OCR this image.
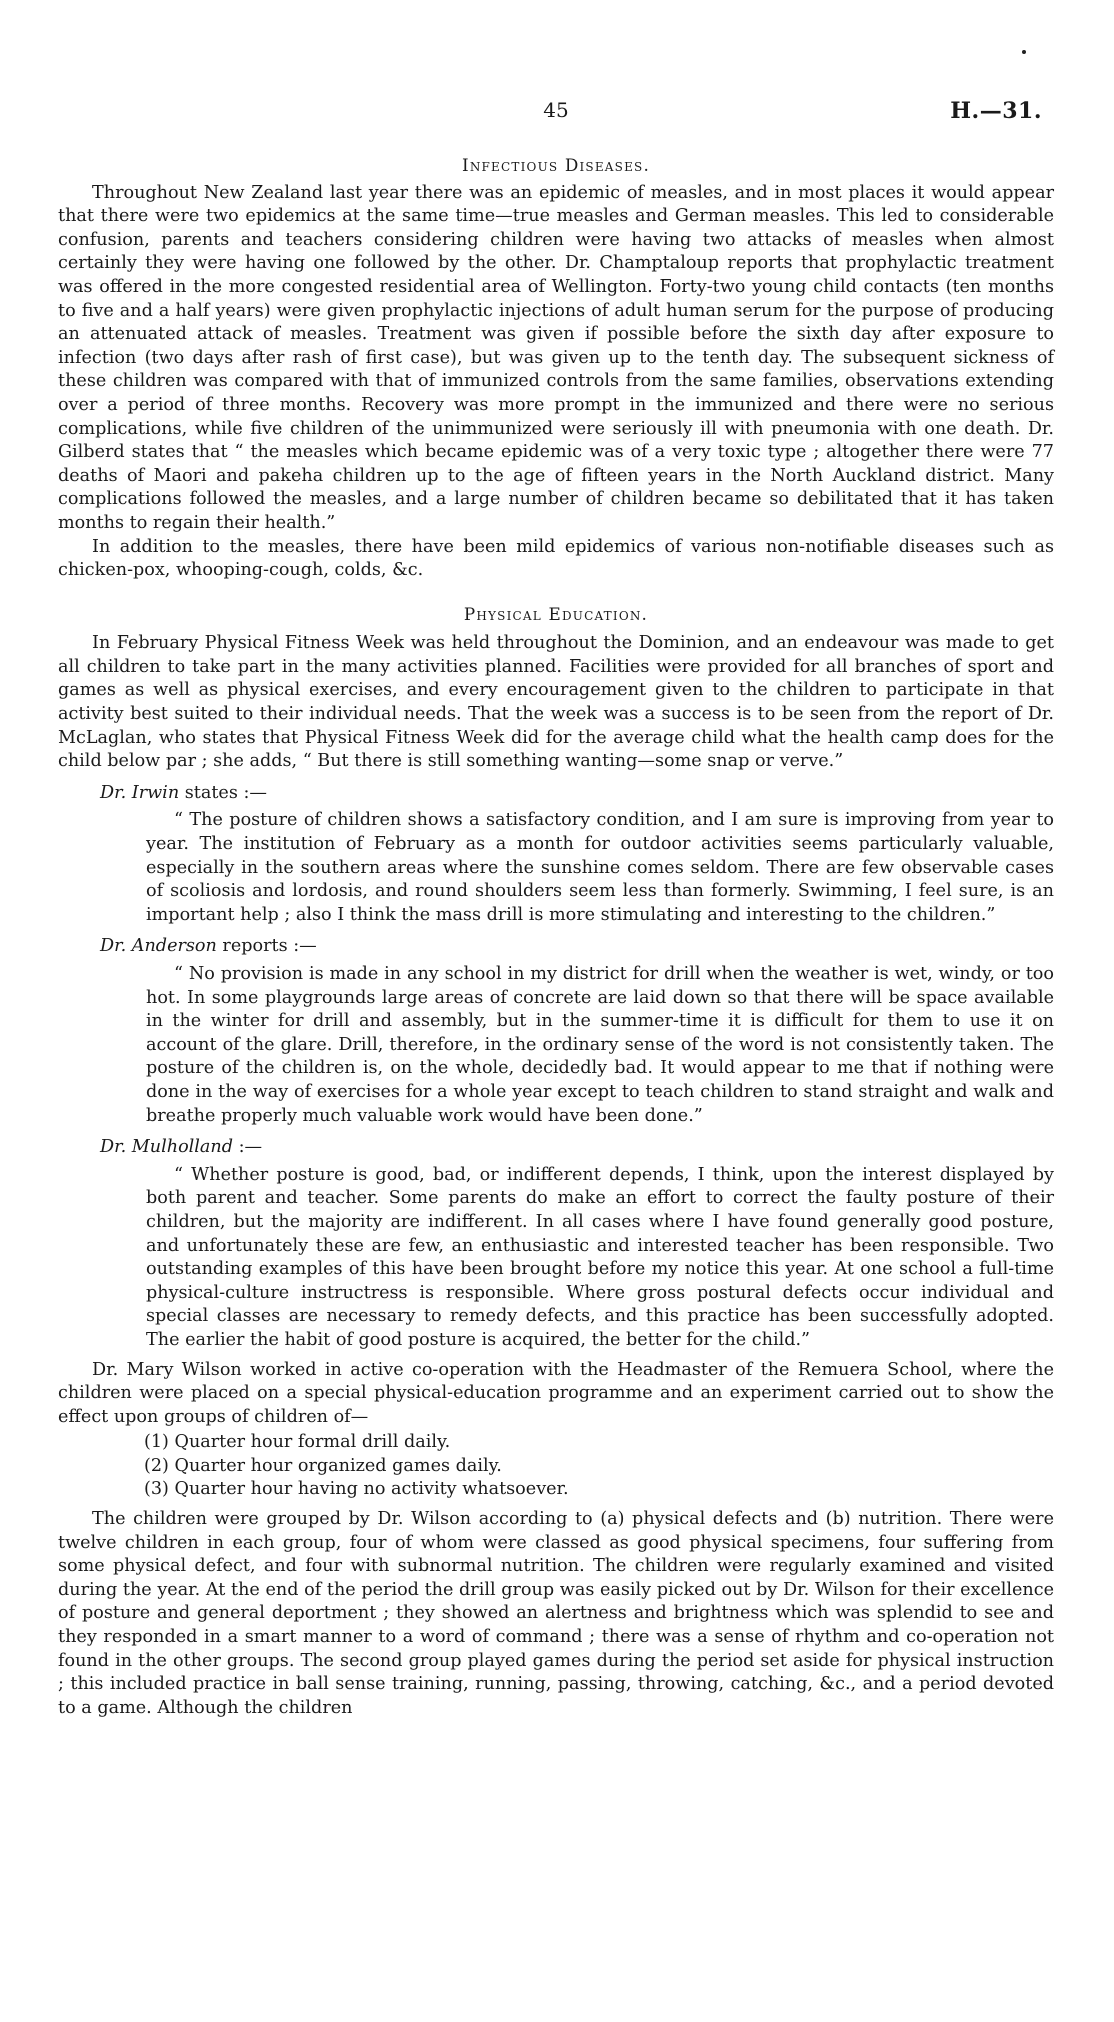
45	H.—31.
Infectious Diseases.

Throughout New Zealand last year there was an epidemic of measles, and in most places it would appear that there were two epidemics at the same time—true measles and German measles. This led to considerable confusion, parents and teachers considering children were having two attacks of measles when almost certainly they were having one followed by the other. Dr. Champtaloup reports that prophylactic treatment was offered in the more congested residential area of Wellington. Forty-two young child contacts (ten months to five and a half years) were given prophylactic injections of adult human serum for the purpose of producing an attenuated attack of measles. Treatment was given if possible before the sixth day after exposure to infection (two days after rash of first case), but was given up to the tenth day. The subsequent sickness of these children was compared with that of immunized controls from the same families, observations extending over a period of three months. Recovery was more prompt in the immunized and there were no serious complications, while five children of the unimmunized were seriously ill with pneumonia with one death. Dr. Gilberd states that “ the measles which became epidemic was of a very toxic type ; altogether there were 77 deaths of Maori and pakeha children up to the age of fifteen years in the North Auckland district. Many complications followed the measles, and a large number of children became so debilitated that it has taken months to regain their health.”

In addition to the measles, there have been mild epidemics of various non-notifiable diseases such as chicken-pox, whooping-cough, colds, &c.

Physical Education.

In February Physical Fitness Week was held throughout the Dominion, and an endeavour was made to get all children to take part in the many activities planned. Facilities were provided for all branches of sport and games as well as physical exercises, and every encouragement given to the children to participate in that activity best suited to their individual needs. That the week was a success is to be seen from the report of Dr. McLaglan, who states that Physical Fitness Week did for the average child what the health camp does for the child below par ; she adds, “ But there is still something wanting—some snap or verve.”

Dr. Irwin states :—

“ The posture of children shows a satisfactory condition, and I am sure is improving from year to year. The institution of February as a month for outdoor activities seems particularly valuable, especially in the southern areas where the sunshine comes seldom. There are few observable cases of scoliosis and lordosis, and round shoulders seem less than formerly. Swimming, I feel sure, is an important help ; also I think the mass drill is more stimulating and interesting to the children.”

Dr. Anderson reports :—

“ No provision is made in any school in my district for drill when the weather is wet, windy, or too hot. In some playgrounds large areas of concrete are laid down so that there will be space available in the winter for drill and assembly, but in the summer-time it is difficult for them to use it on account of the glare. Drill, therefore, in the ordinary sense of the word is not consistently taken. The posture of the children is, on the whole, decidedly bad. It would appear to me that if nothing were done in the way of exercises for a whole year except to teach children to stand straight and walk and breathe properly much valuable work would have been done.”

Dr. Mulholland :—

“ Whether posture is good, bad, or indifferent depends, I think, upon the interest displayed by both parent and teacher. Some parents do make an effort to correct the faulty posture of their children, but the majority are indifferent. In all cases where I have found generally good posture, and unfortunately these are few, an enthusiastic and interested teacher has been responsible. Two outstanding examples of this have been brought before my notice this year. At one school a full-time physical-culture instructress is responsible. Where gross postural defects occur individual and special classes are necessary to remedy defects, and this practice has been successfully adopted. The earlier the habit of good posture is acquired, the better for the child.”

Dr. Mary Wilson worked in active co-operation with the Headmaster of the Remuera School, where the children were placed on a special physical-education programme and an experiment carried out to show the effect upon groups of children of—

(1) Quarter hour formal drill daily.
(2) Quarter hour organized games daily.
(3) Quarter hour having no activity whatsoever.

The children were grouped by Dr. Wilson according to (a) physical defects and (b) nutrition. There were twelve children in each group, four of whom were classed as good physical specimens, four suffering from some physical defect, and four with subnormal nutrition. The children were regularly examined and visited during the year. At the end of the period the drill group was easily picked out by Dr. Wilson for their excellence of posture and general deportment ; they showed an alertness and brightness which was splendid to see and they responded in a smart manner to a word of command ; there was a sense of rhythm and co-operation not found in the other groups. The second group played games during the period set aside for physical instruction ; this included practice in ball sense training, running, passing, throwing, catching, &c., and a period devoted to a game. Although the children
